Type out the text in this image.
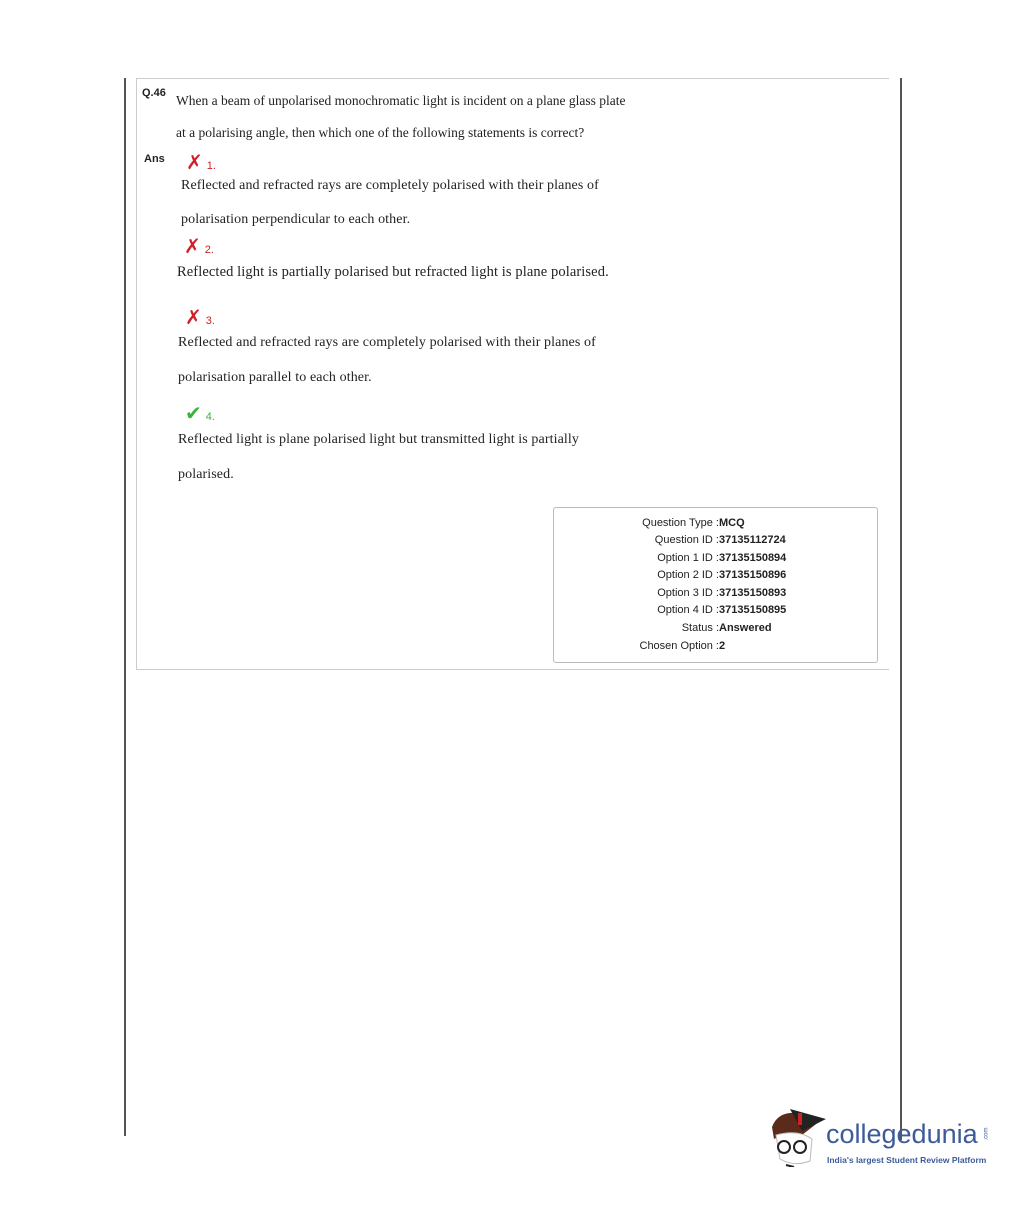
Q.46 When a beam of unpolarised monochromatic light is incident on a plane glass plate
at a polarising angle, then which one of the following statements is correct?
Ans ✗ 1.
Reflected and refracted rays are completely polarised with their planes of
polarisation perpendicular to each other.
✗ 2.
Reflected light is partially polarised but refracted light is plane polarised.
✗ 3.
Reflected and refracted rays are completely polarised with their planes of
polarisation parallel to each other.
✔ 4.
Reflected light is plane polarised light but transmitted light is partially
polarised.
Question Type : MCQ
Question ID : 37135112724
Option 1 ID : 37135150894
Option 2 ID : 37135150896
Option 3 ID : 37135150893
Option 4 ID : 37135150895
Status : Answered
Chosen Option : 2
collegedunia .com
India's largest Student Review Platform
